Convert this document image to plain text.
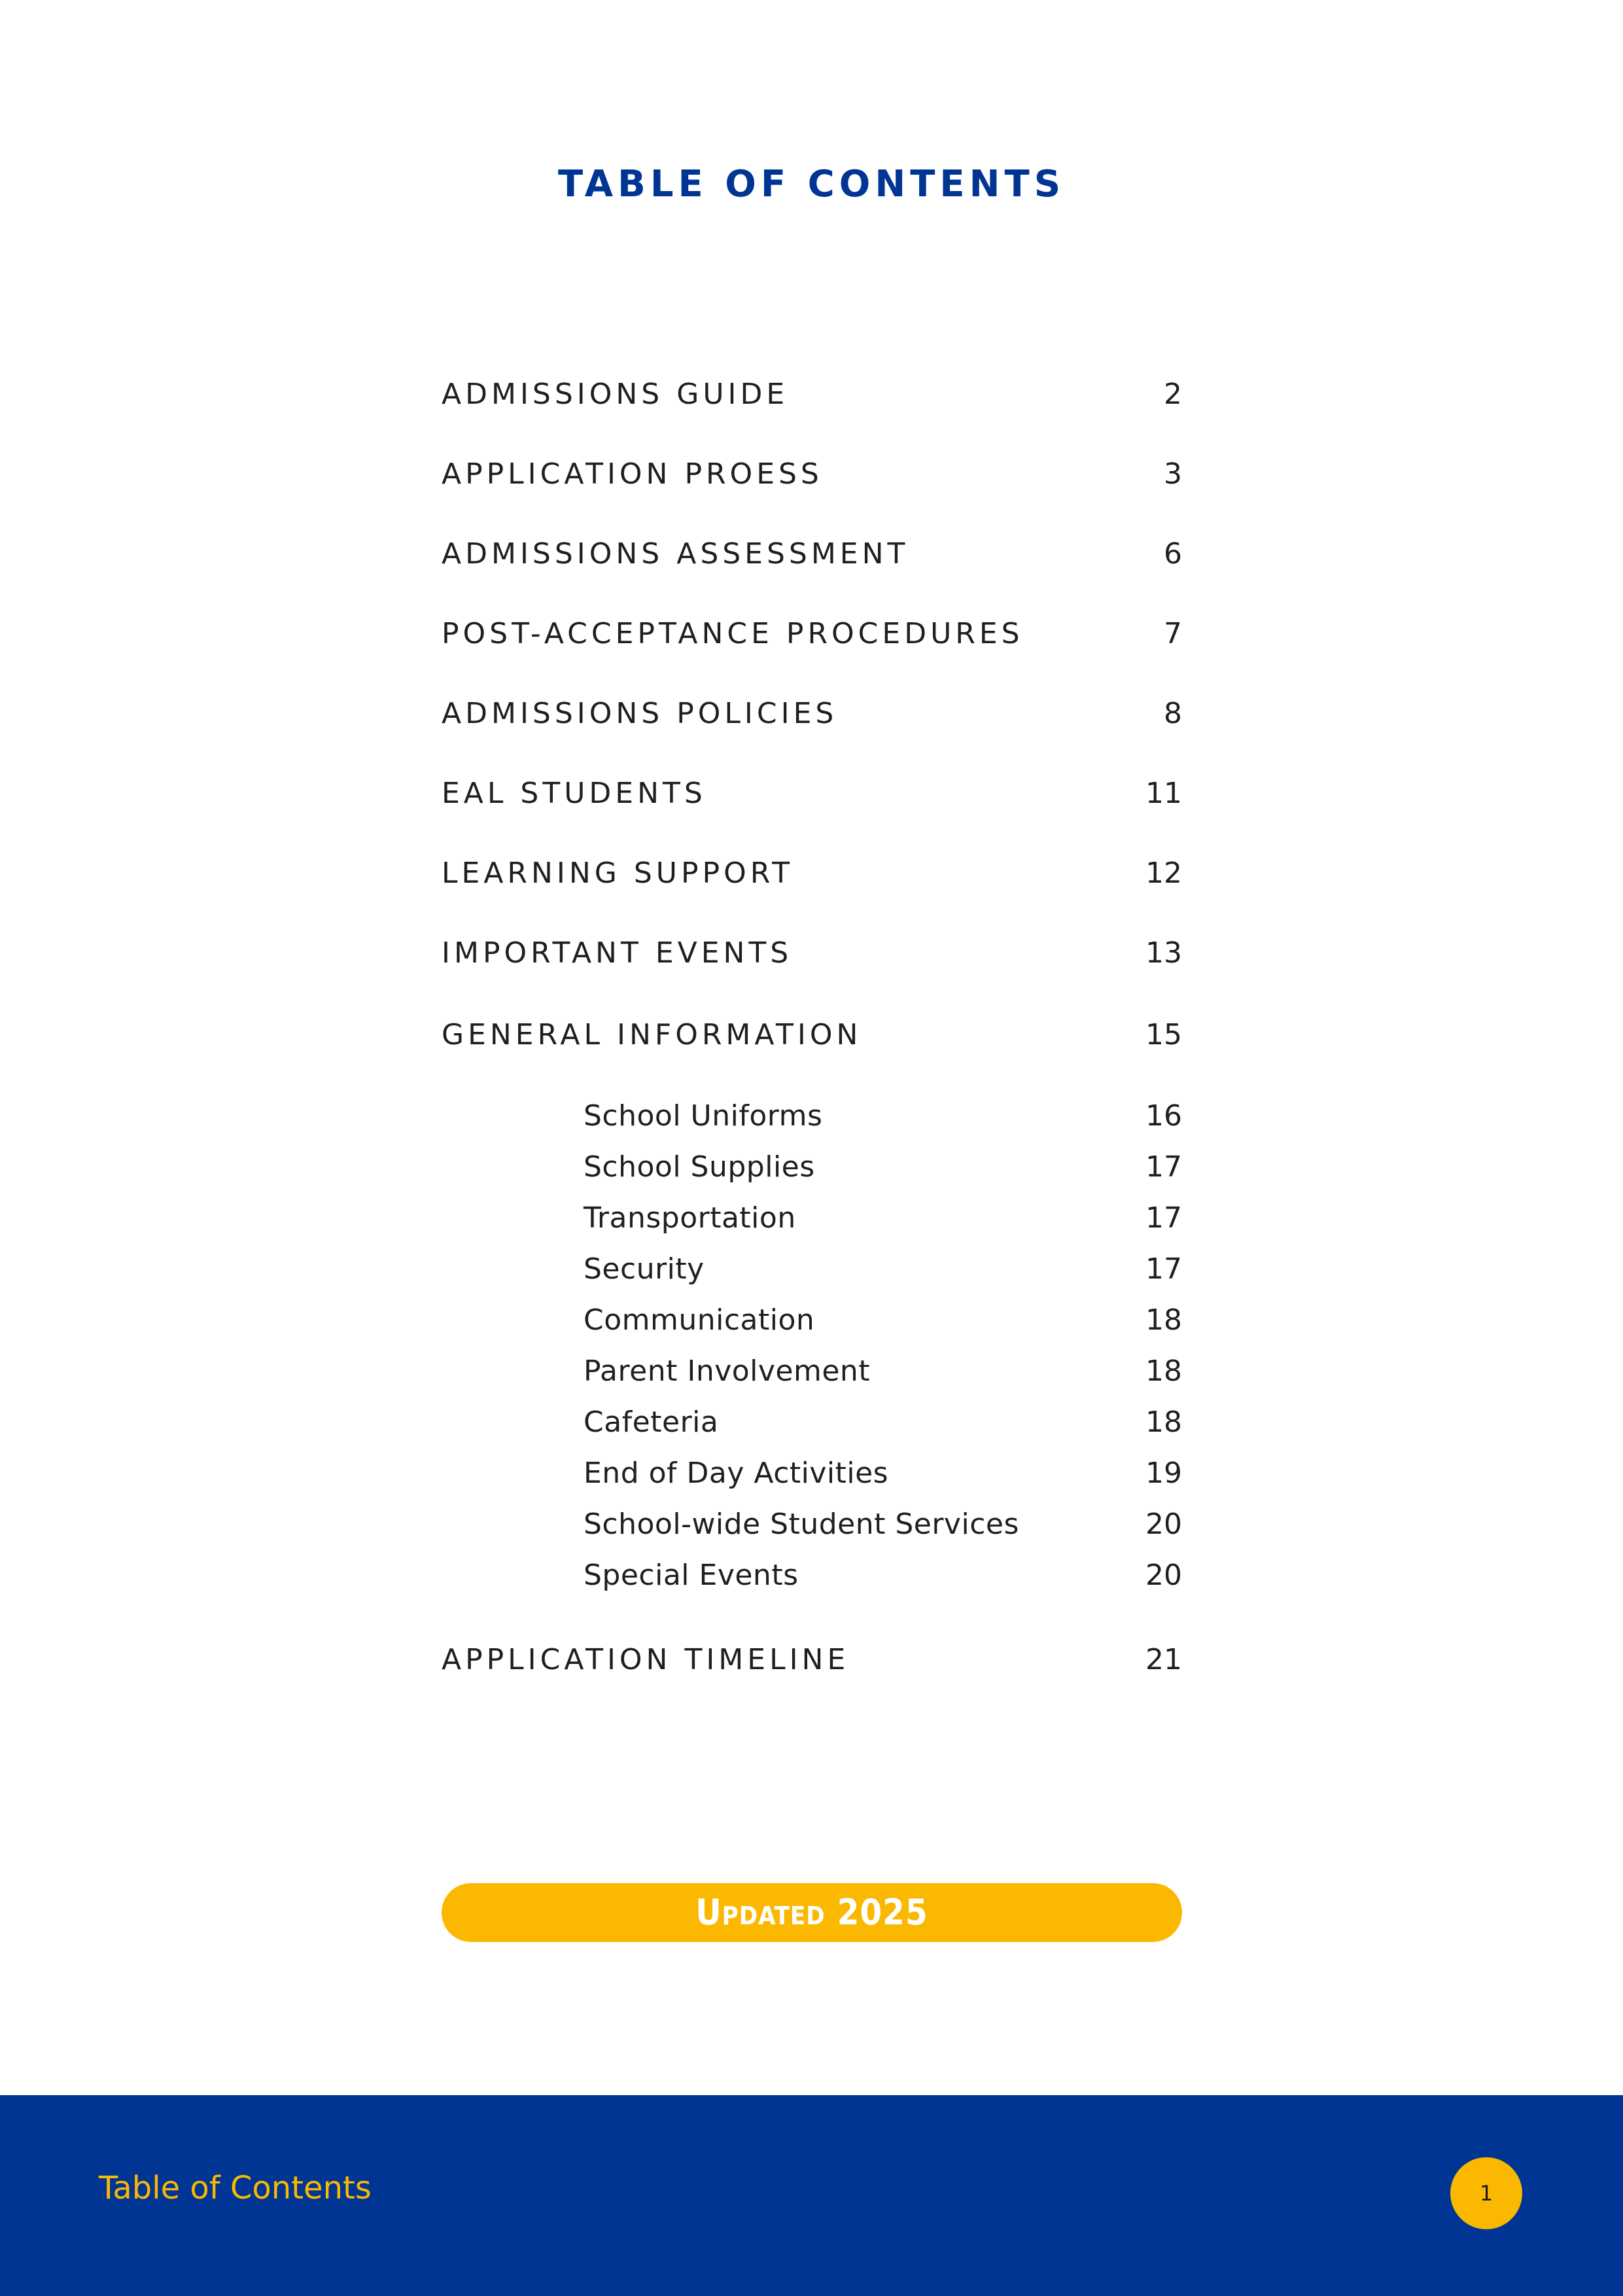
TABLE OF CONTENTS
ADMISSIONS GUIDE	2
APPLICATION PROESS	3
ADMISSIONS ASSESSMENT	6
POST-ACCEPTANCE PROCEDURES	7
ADMISSIONS POLICIES	8
EAL STUDENTS	11
LEARNING SUPPORT	12
IMPORTANT EVENTS	13
GENERAL INFORMATION	15
School Uniforms	16
School Supplies	17
Transportation	17
Security	17
Communication	18
Parent Involvement	18
Cafeteria	18
End of Day Activities	19
School-wide Student Services	20
Special Events	20
APPLICATION TIMELINE	21
Updated 2025
Table of Contents	1
